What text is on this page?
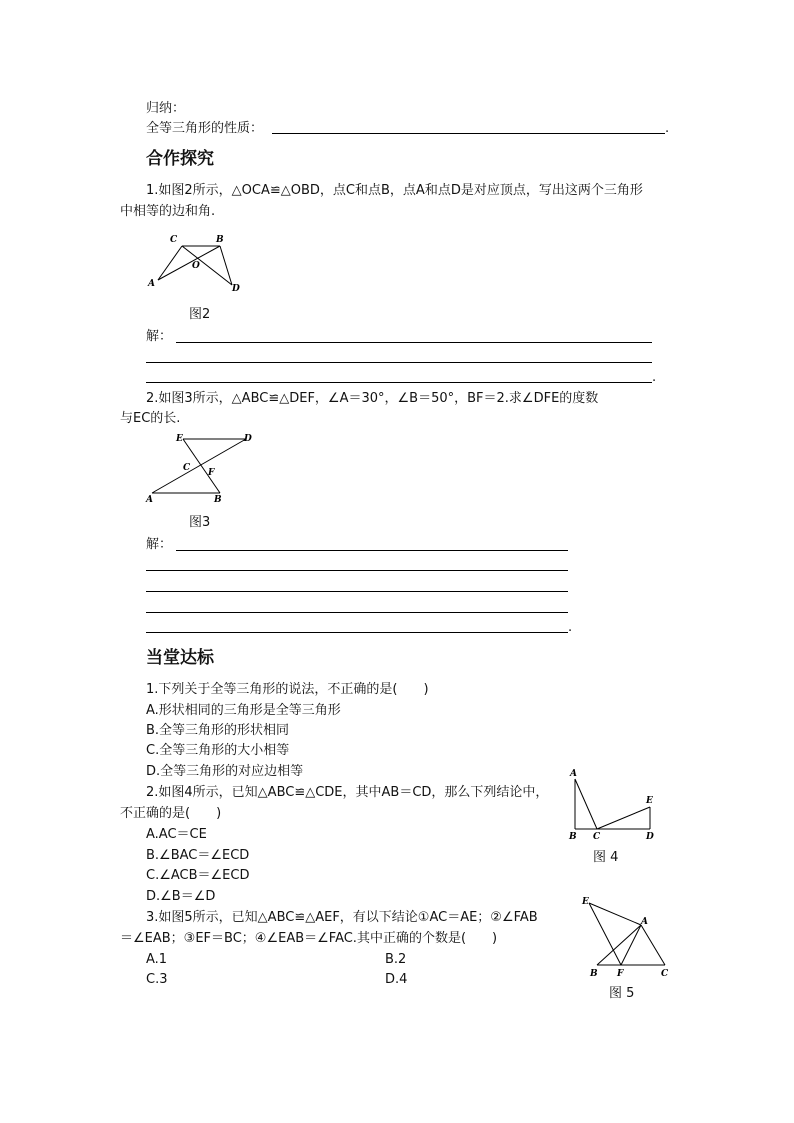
归纳：
全等三角形的性质：	.
合作探究
1.如图2所示，△OCA≌△OBD，点C和点B，点A和点D是对应顶点，写出这两个三角形
中相等的边和角.
C	B
O
A	D
图2
解：
.
2.如图3所示，△ABC≌△DEF，∠A＝30°，∠B＝50°，BF＝2.求∠DFE的度数
与EC的长.
E	D
C F
A	B
图3
解：
.
当堂达标
1.下列关于全等三角形的说法，不正确的是(　　)
A.形状相同的三角形是全等三角形
B.全等三角形的形状相同
C.全等三角形的大小相等
D.全等三角形的对应边相等
2.如图4所示，已知△ABC≌△CDE，其中AB＝CD，那么下列结论中，
不正确的是(　　)
A.AC＝CE
B.∠BAC＝∠ECD
C.∠ACB＝∠ECD
D.∠B＝∠D
A
E
B C	D
图 4
3.如图5所示，已知△ABC≌△AEF，有以下结论①AC＝AE；②∠FAB
＝∠EAB；③EF＝BC；④∠EAB＝∠FAC.其中正确的个数是(　　)
A.1	B.2
C.3	D.4
E
A
B F	C
图 5
